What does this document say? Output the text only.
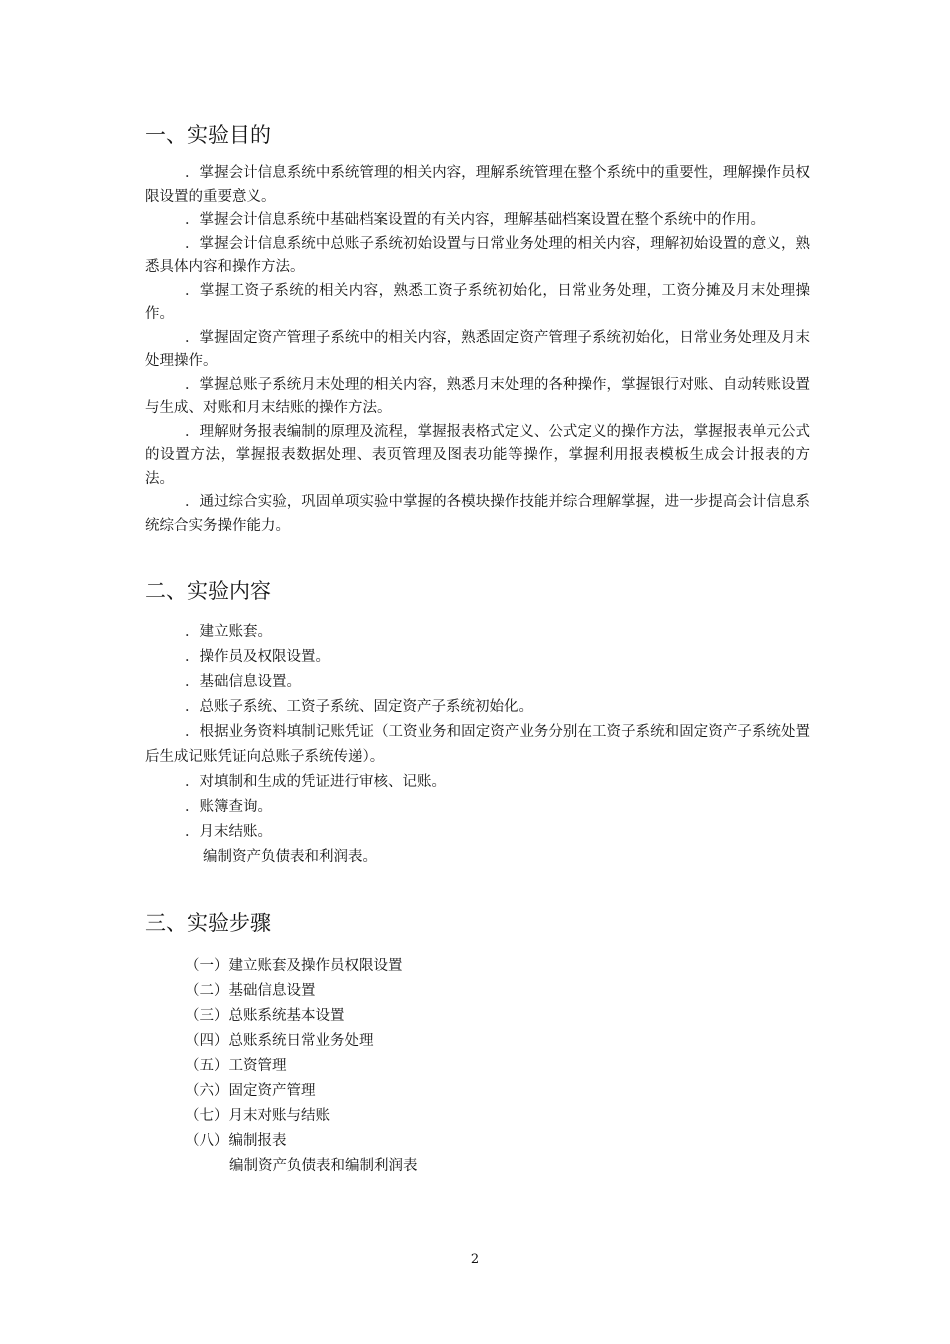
一、实验目的

．掌握会计信息系统中系统管理的相关内容，理解系统管理在整个系统中的重要性，理解操作员权限设置的重要意义。

．掌握会计信息系统中基础档案设置的有关内容，理解基础档案设置在整个系统中的作用。

．掌握会计信息系统中总账子系统初始设置与日常业务处理的相关内容，理解初始设置的意义，熟悉具体内容和操作方法。

．掌握工资子系统的相关内容，熟悉工资子系统初始化，日常业务处理，工资分摊及月末处理操作。

．掌握固定资产管理子系统中的相关内容，熟悉固定资产管理子系统初始化，日常业务处理及月末处理操作。

．掌握总账子系统月末处理的相关内容，熟悉月末处理的各种操作，掌握银行对账、自动转账设置与生成、对账和月末结账的操作方法。

．理解财务报表编制的原理及流程，掌握报表格式定义、公式定义的操作方法，掌握报表单元公式的设置方法，掌握报表数据处理、表页管理及图表功能等操作，掌握利用报表模板生成会计报表的方法。

．通过综合实验，巩固单项实验中掌握的各模块操作技能并综合理解掌握，进一步提高会计信息系统综合实务操作能力。

二、实验内容

．建立账套。

．操作员及权限设置。

．基础信息设置。

．总账子系统、工资子系统、固定资产子系统初始化。

．根据业务资料填制记账凭证（工资业务和固定资产业务分别在工资子系统和固定资产子系统处置后生成记账凭证向总账子系统传递）。

．对填制和生成的凭证进行审核、记账。

．账簿查询。

．月末结账。

编制资产负债表和利润表。

三、实验步骤

（一）建立账套及操作员权限设置

（二）基础信息设置

（三）总账系统基本设置

（四）总账系统日常业务处理

（五）工资管理

（六）固定资产管理

（七）月末对账与结账

（八）编制报表

编制资产负债表和编制利润表

2
